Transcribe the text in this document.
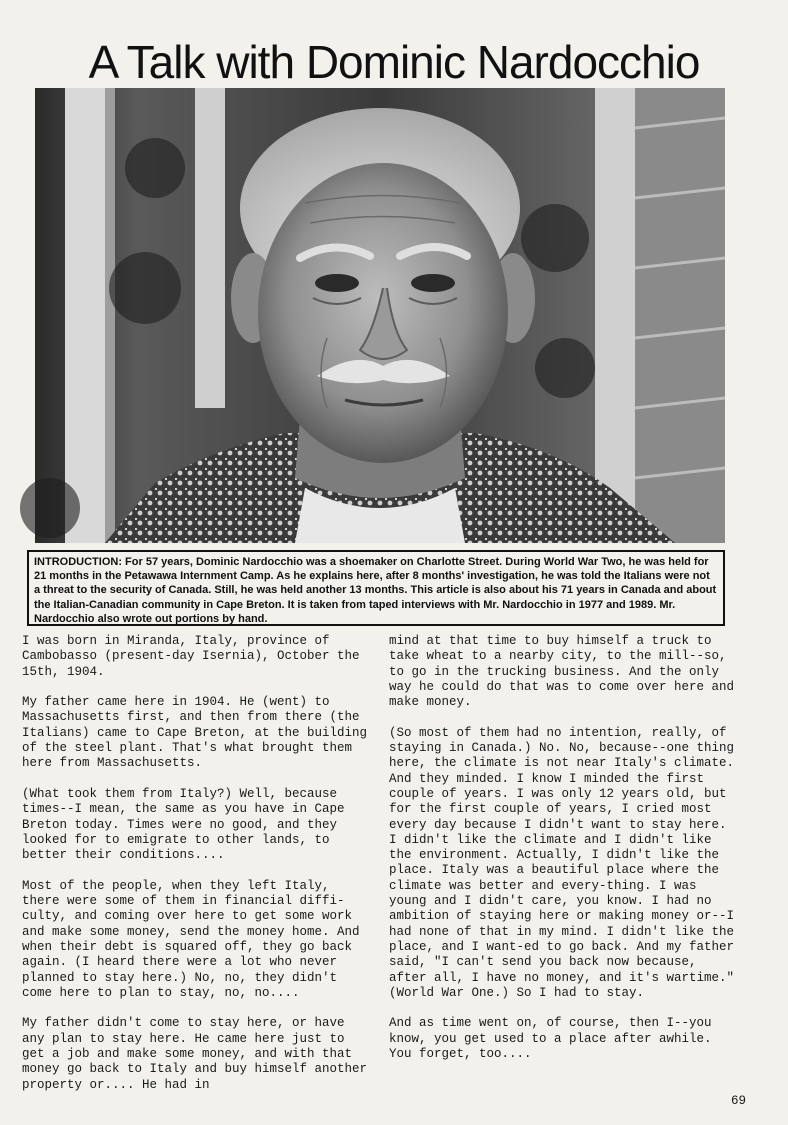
A Talk with Dominic Nardocchio
INTRODUCTION: For 57 years, Dominic Nardocchio was a shoemaker on Charlotte Street. During World War Two, he was held for 21 months in the Petawawa Internment Camp. As he explains here, after 8 months' investigation, he was told the Italians were not a threat to the security of Canada. Still, he was held another 13 months. This article is also about his 71 years in Canada and about the Italian-Canadian community in Cape Breton. It is taken from taped interviews with Mr. Nardocchio in 1977 and 1989. Mr. Nardocchio also wrote out portions by hand.

I was born in Miranda, Italy, province of Cambobasso (present-day Isernia), October the 15th, 1904.

My father came here in 1904. He (went) to Massachusetts first, and then from there (the Italians) came to Cape Breton, at the building of the steel plant. That's what brought them here from Massachusetts.

(What took them from Italy?) Well, because times--I mean, the same as you have in Cape Breton today. Times were no good, and they looked for to emigrate to other lands, to better their conditions....

Most of the people, when they left Italy, there were some of them in financial diffi-culty, and coming over here to get some work and make some money, send the money home. And when their debt is squared off, they go back again. (I heard there were a lot who never planned to stay here.) No, no, they didn't come here to plan to stay, no, no....

My father didn't come to stay here, or have any plan to stay here. He came here just to get a job and make some money, and with that money go back to Italy and buy himself another property or.... He had in

mind at that time to buy himself a truck to take wheat to a nearby city, to the mill--so, to go in the trucking business. And the only way he could do that was to come over here and make money.

(So most of them had no intention, really, of staying in Canada.) No. No, because--one thing here, the climate is not near Italy's climate. And they minded. I know I minded the first couple of years. I was only 12 years old, but for the first couple of years, I cried most every day because I didn't want to stay here. I didn't like the climate and I didn't like the environment. Actually, I didn't like the place. Italy was a beautiful place where the climate was better and every-thing. I was young and I didn't care, you know. I had no ambition of staying here or making money or--I had none of that in my mind. I didn't like the place, and I want-ed to go back. And my father said, "I can't send you back now because, after all, I have no money, and it's wartime." (World War One.) So I had to stay.

And as time went on, of course, then I--you know, you get used to a place after awhile. You forget, too....

69
